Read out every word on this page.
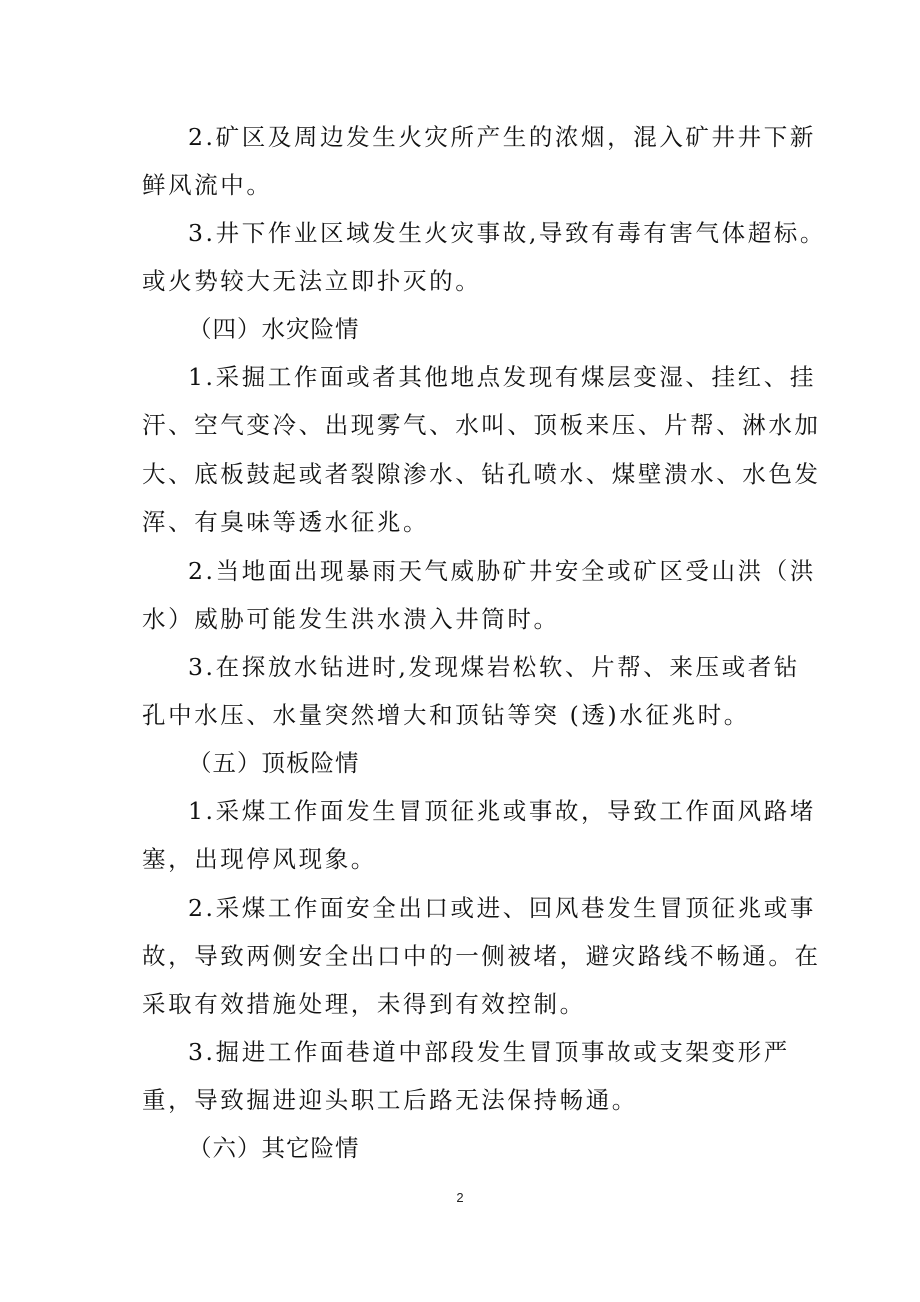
2.矿区及周边发生火灾所产生的浓烟，混入矿井井下新
鲜风流中。
3.井下作业区域发生火灾事故,导致有毒有害气体超标。
或火势较大无法立即扑灭的。
（四）水灾险情
1.采掘工作面或者其他地点发现有煤层变湿、挂红、挂
汗、空气变冷、出现雾气、水叫、顶板来压、片帮、淋水加
大、底板鼓起或者裂隙渗水、钻孔喷水、煤壁溃水、水色发
浑、有臭味等透水征兆。
2.当地面出现暴雨天气威胁矿井安全或矿区受山洪（洪
水）威胁可能发生洪水溃入井筒时。
3.在探放水钻进时,发现煤岩松软、片帮、来压或者钻
孔中水压、水量突然增大和顶钻等突 (透)水征兆时。
（五）顶板险情
1.采煤工作面发生冒顶征兆或事故，导致工作面风路堵
塞，出现停风现象。
2.采煤工作面安全出口或进、回风巷发生冒顶征兆或事
故，导致两侧安全出口中的一侧被堵，避灾路线不畅通。在
采取有效措施处理，未得到有效控制。
3.掘进工作面巷道中部段发生冒顶事故或支架变形严
重，导致掘进迎头职工后路无法保持畅通。
（六）其它险情
2
